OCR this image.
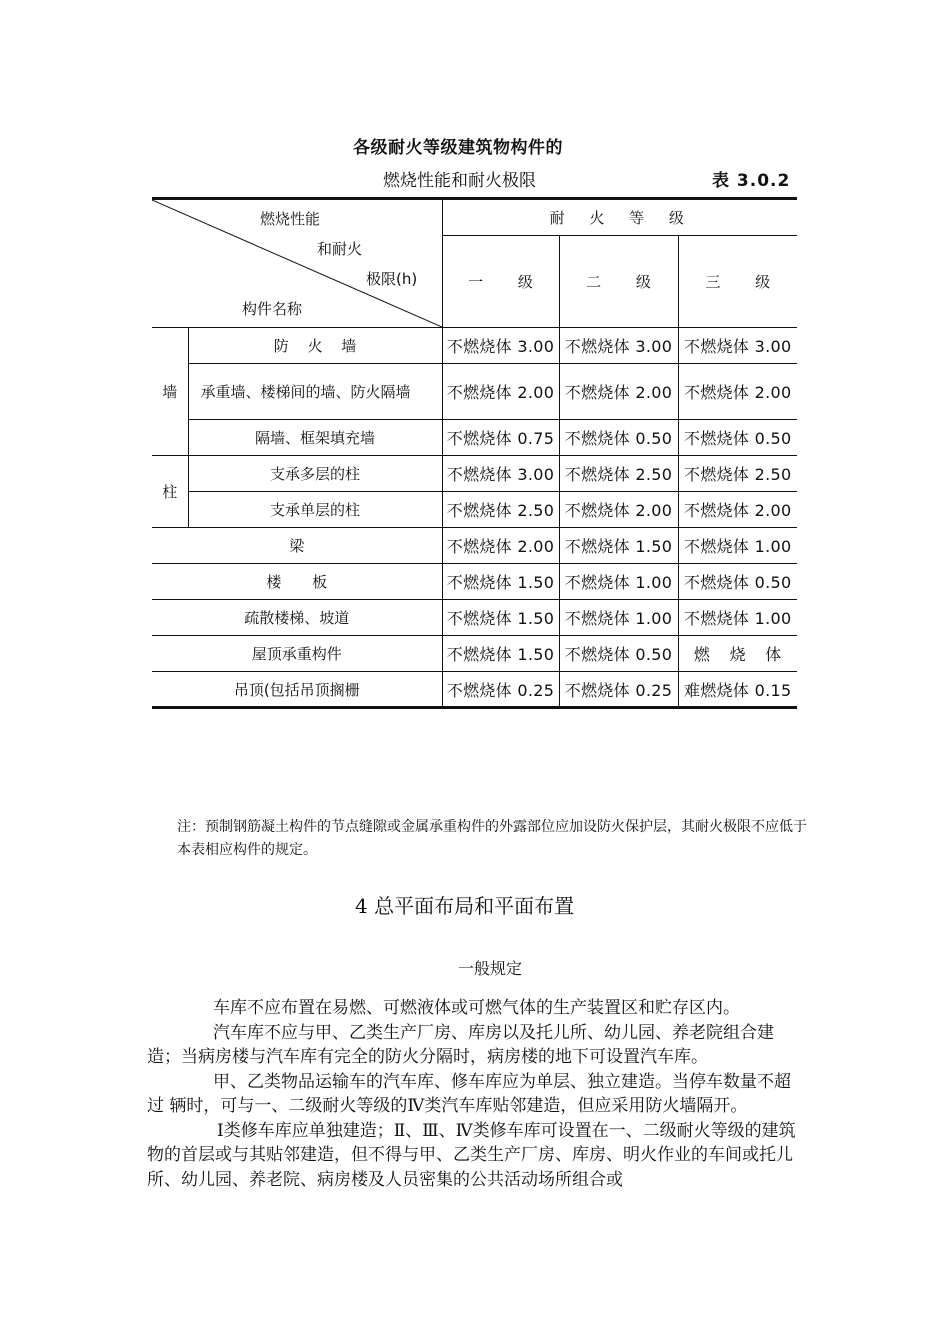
各级耐火等级建筑物构件的
燃烧性能和耐火极限	表 3.0.2
燃烧性能
和耐火
极限(h)
构件名称		耐 火 等 级		
		一 级	二 级	三 级
墙	防 火 墙	不燃烧体 3.00	不燃烧体 3.00	不燃烧体 3.00
	承重墙、楼梯间的墙、防火隔墙	不燃烧体 2.00	不燃烧体 2.00	不燃烧体 2.00
	隔墙、框架填充墙	不燃烧体 0.75	不燃烧体 0.50	不燃烧体 0.50
柱	支承多层的柱	不燃烧体 3.00	不燃烧体 2.50	不燃烧体 2.50
	支承单层的柱	不燃烧体 2.50	不燃烧体 2.00	不燃烧体 2.00
梁		不燃烧体 2.00	不燃烧体 1.50	不燃烧体 1.00
楼 板		不燃烧体 1.50	不燃烧体 1.00	不燃烧体 0.50
疏散楼梯、坡道		不燃烧体 1.50	不燃烧体 1.00	不燃烧体 1.00
屋顶承重构件		不燃烧体 1.50	不燃烧体 0.50	燃 烧 体
吊顶(包括吊顶搁栅		不燃烧体 0.25	不燃烧体 0.25	难燃烧体 0.15
注：预制钢筋凝土构件的节点缝隙或金属承重构件的外露部位应加设防火保护层，其耐火极限不应低于本表相应构件的规定。
4 总平面布局和平面布置
一般规定

车库不应布置在易燃、可燃液体或可燃气体的生产装置区和贮存区内。

汽车库不应与甲、乙类生产厂房、库房以及托儿所、幼儿园、养老院组合建造；当病房楼与汽车库有完全的防火分隔时，病房楼的地下可设置汽车库。

甲、乙类物品运输车的汽车库、修车库应为单层、独立建造。当停车数量不超过 辆时，可与一、二级耐火等级的Ⅳ类汽车库贴邻建造，但应采用防火墙隔开。

Ⅰ类修车库应单独建造；Ⅱ、Ⅲ、Ⅳ类修车库可设置在一、二级耐火等级的建筑物的首层或与其贴邻建造，但不得与甲、乙类生产厂房、库房、明火作业的车间或托儿所、幼儿园、养老院、病房楼及人员密集的公共活动场所组合或
